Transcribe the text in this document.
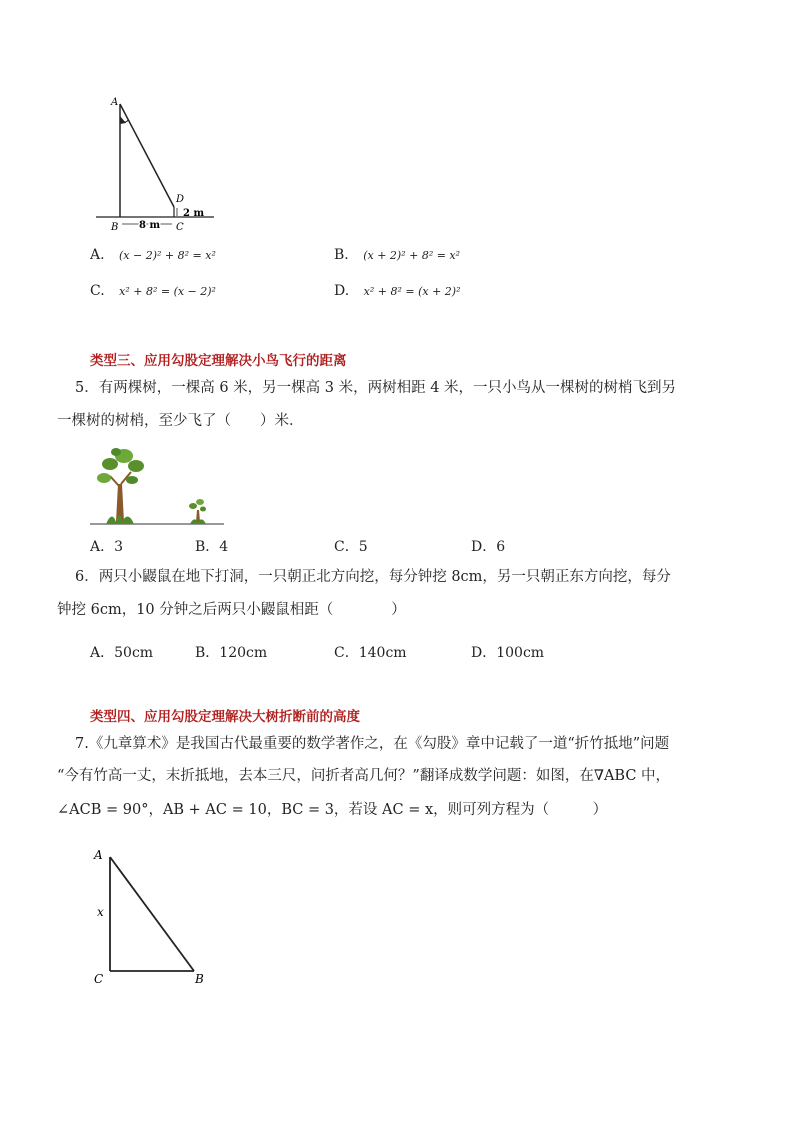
A
B	C
D
8 m
2 m
A. (x − 2)² + 8² = x²	B. (x + 2)² + 8² = x²
C. x² + 8² = (x − 2)²	D. x² + 8² = (x + 2)²
类型三、应用勾股定理解决小鸟飞行的距离
5．有两棵树，一棵高 6 米，另一棵高 3 米，两树相距 4 米，一只小鸟从一棵树的树梢飞到另
一棵树的树梢，至少飞了（　　）米．
A．3	B．4	C．5	D．6
6．两只小鼹鼠在地下打洞，一只朝正北方向挖，每分钟挖 8cm，另一只朝正东方向挖，每分
钟挖 6cm，10 分钟之后两只小鼹鼠相距（　　　　）
A．50cm	B．120cm	C．140cm	D．100cm
类型四、应用勾股定理解决大树折断前的高度
7.《九章算术》是我国古代最重要的数学著作之，在《勾股》章中记载了一道“折竹抵地”问题
“今有竹高一丈，末折抵地，去本三尺，问折者高几何？”翻译成数学问题：如图，在∇ABC 中，
∠ACB = 90°，AB + AC = 10，BC = 3，若设 AC = x，则可列方程为（　　　）
A
x
C	B
